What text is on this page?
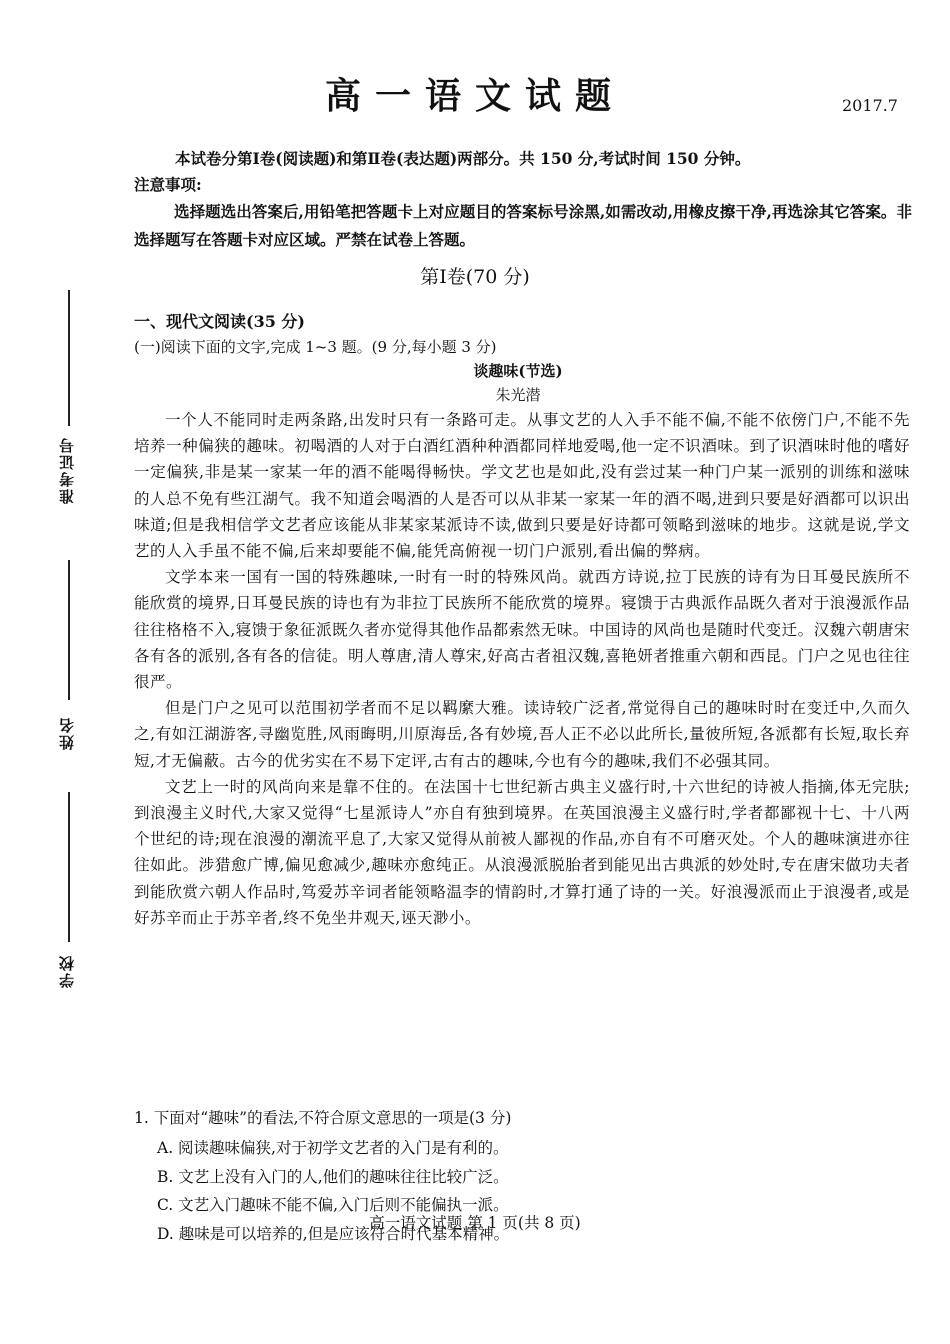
高一语文试题	2017.7
本试卷分第Ⅰ卷(阅读题)和第Ⅱ卷(表达题)两部分。共 150 分,考试时间 150 分钟。
注意事项:
选择题选出答案后,用铅笔把答题卡上对应题目的答案标号涂黑,如需改动,用橡皮擦干净,再选涂其它答案。非选择题写在答题卡对应区域。严禁在试卷上答题。
第Ⅰ卷(70 分)
一、现代文阅读(35 分)
(一)阅读下面的文字,完成 1~3 题。(9 分,每小题 3 分)
谈趣味(节选)
朱光潜

一个人不能同时走两条路,出发时只有一条路可走。从事文艺的人入手不能不偏,不能不依傍门户,不能不先培养一种偏狭的趣味。初喝酒的人对于白酒红酒种种酒都同样地爱喝,他一定不识酒味。到了识酒味时他的嗜好一定偏狭,非是某一家某一年的酒不能喝得畅快。学文艺也是如此,没有尝过某一种门户某一派别的训练和滋味的人总不免有些江湖气。我不知道会喝酒的人是否可以从非某一家某一年的酒不喝,进到只要是好酒都可以识出味道;但是我相信学文艺者应该能从非某家某派诗不读,做到只要是好诗都可领略到滋味的地步。这就是说,学文艺的人入手虽不能不偏,后来却要能不偏,能凭高俯视一切门户派别,看出偏的弊病。

文学本来一国有一国的特殊趣味,一时有一时的特殊风尚。就西方诗说,拉丁民族的诗有为日耳曼民族所不能欣赏的境界,日耳曼民族的诗也有为非拉丁民族所不能欣赏的境界。寝馈于古典派作品既久者对于浪漫派作品往往格格不入,寝馈于象征派既久者亦觉得其他作品都索然无味。中国诗的风尚也是随时代变迁。汉魏六朝唐宋各有各的派别,各有各的信徒。明人尊唐,清人尊宋,好高古者祖汉魏,喜艳妍者推重六朝和西昆。门户之见也往往很严。

但是门户之见可以范围初学者而不足以羁縻大雅。读诗较广泛者,常觉得自己的趣味时时在变迁中,久而久之,有如江湖游客,寻幽览胜,风雨晦明,川原海岳,各有妙境,吾人正不必以此所长,量彼所短,各派都有长短,取长弃短,才无偏蔽。古今的优劣实在不易下定评,古有古的趣味,今也有今的趣味,我们不必强其同。

文艺上一时的风尚向来是靠不住的。在法国十七世纪新古典主义盛行时,十六世纪的诗被人指摘,体无完肤;到浪漫主义时代,大家又觉得“七星派诗人”亦自有独到境界。在英国浪漫主义盛行时,学者都鄙视十七、十八两个世纪的诗;现在浪漫的潮流平息了,大家又觉得从前被人鄙视的作品,亦自有不可磨灭处。个人的趣味演进亦往往如此。涉猎愈广博,偏见愈减少,趣味亦愈纯正。从浪漫派脱胎者到能见出古典派的妙处时,专在唐宋做功夫者到能欣赏六朝人作品时,笃爱苏辛词者能领略温李的情韵时,才算打通了诗的一关。好浪漫派而止于浪漫者,或是好苏辛而止于苏辛者,终不免坐井观天,诬天渺小。

1. 下面对“趣味”的看法,不符合原文意思的一项是(3 分)
A. 阅读趣味偏狭,对于初学文艺者的入门是有利的。
B. 文艺上没有入门的人,他们的趣味往往比较广泛。
C. 文艺入门趣味不能不偏,入门后则不能偏执一派。
D. 趣味是可以培养的,但是应该符合时代基本精神。
高一语文试题 第 1 页(共 8 页)
准考证号
姓名
学校
